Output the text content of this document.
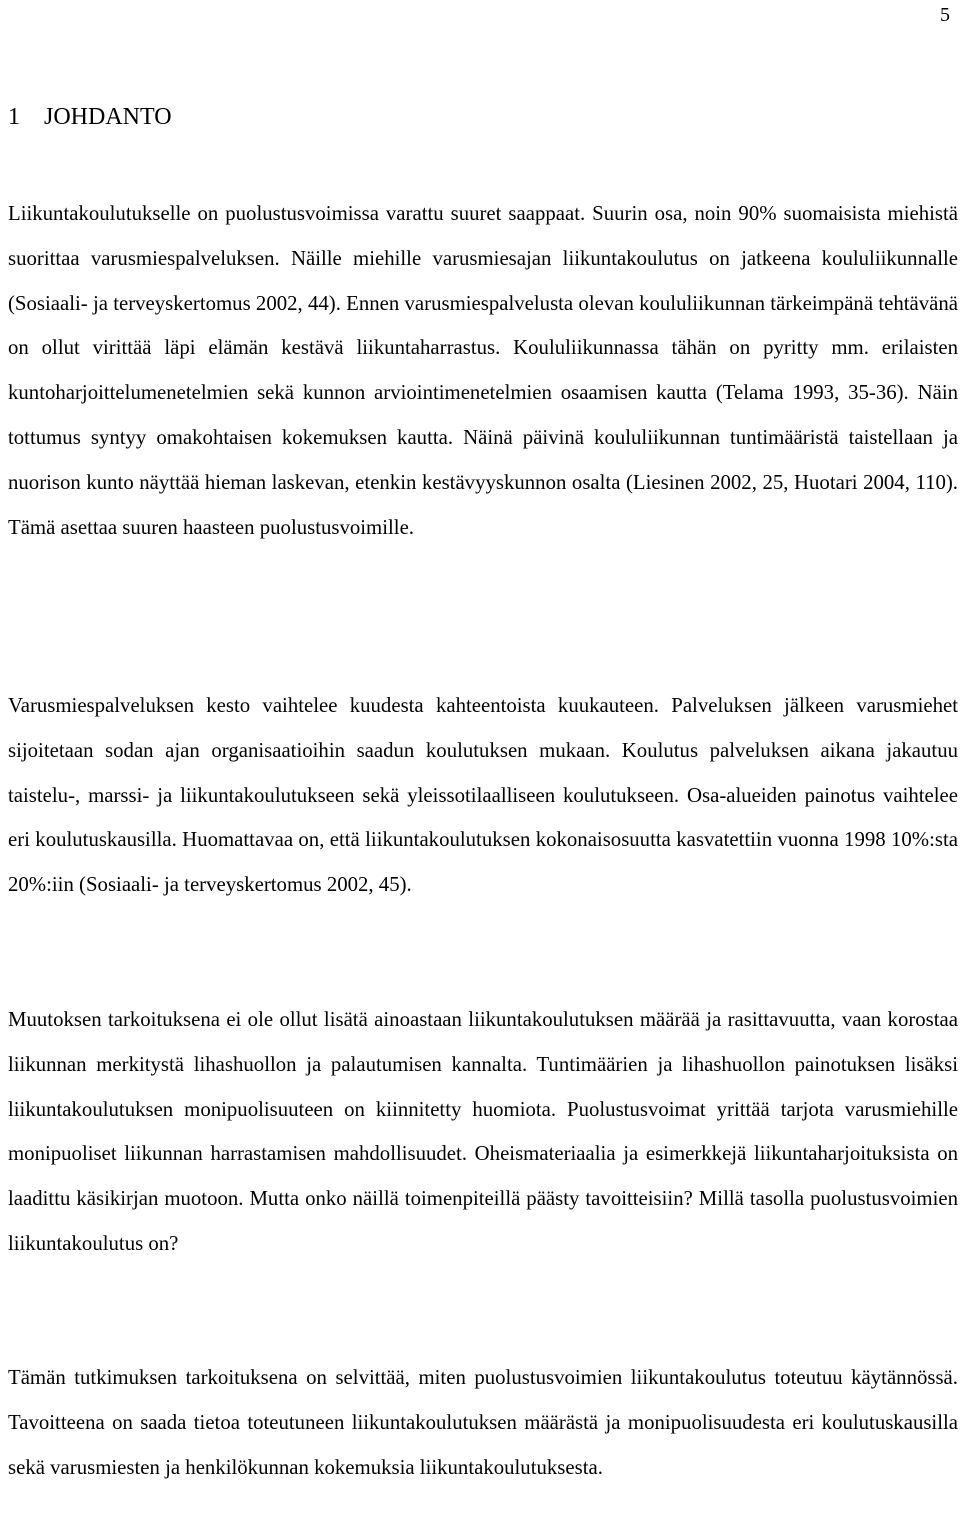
5
1 JOHDANTO

Liikuntakoulutukselle on puolustusvoimissa varattu suuret saappaat. Suurin osa, noin 90% suomaisista miehistä suorittaa varusmiespalveluksen. Näille miehille varusmiesajan liikuntakoulutus on jatkeena koululiikunnalle (Sosiaali- ja terveyskertomus 2002, 44). Ennen varusmiespalvelusta olevan koululiikunnan tärkeimpänä tehtävänä on ollut virittää läpi elämän kestävä liikuntaharrastus. Koululiikunnassa tähän on pyritty mm. erilaisten kuntoharjoittelumenetelmien sekä kunnon arviointimenetelmien osaamisen kautta (Telama 1993, 35-36). Näin tottumus syntyy omakohtaisen kokemuksen kautta. Näinä päivinä koululiikunnan tuntimääristä taistellaan ja nuorison kunto näyttää hieman laskevan, etenkin kestävyyskunnon osalta (Liesinen 2002, 25, Huotari 2004, 110). Tämä asettaa suuren haasteen puolustusvoimille.

Varusmiespalveluksen kesto vaihtelee kuudesta kahteentoista kuukauteen. Palveluksen jälkeen varusmiehet sijoitetaan sodan ajan organisaatioihin saadun koulutuksen mukaan. Koulutus palveluksen aikana jakautuu taistelu-, marssi- ja liikuntakoulutukseen sekä yleissotilaalliseen koulutukseen. Osa-alueiden painotus vaihtelee eri koulutuskausilla. Huomattavaa on, että liikuntakoulutuksen kokonaisosuutta kasvatettiin vuonna 1998 10%:sta 20%:iin (Sosiaali- ja terveyskertomus 2002, 45).

Muutoksen tarkoituksena ei ole ollut lisätä ainoastaan liikuntakoulutuksen määrää ja rasittavuutta, vaan korostaa liikunnan merkitystä lihashuollon ja palautumisen kannalta. Tuntimäärien ja lihashuollon painotuksen lisäksi liikuntakoulutuksen monipuolisuuteen on kiinnitetty huomiota. Puolustusvoimat yrittää tarjota varusmiehille monipuoliset liikunnan harrastamisen mahdollisuudet. Oheismateriaalia ja esimerkkejä liikuntaharjoituksista on laadittu käsikirjan muotoon. Mutta onko näillä toimenpiteillä päästy tavoitteisiin? Millä tasolla puolustusvoimien liikuntakoulutus on?

Tämän tutkimuksen tarkoituksena on selvittää, miten puolustusvoimien liikuntakoulutus toteutuu käytännössä. Tavoitteena on saada tietoa toteutuneen liikuntakoulutuksen määrästä ja monipuolisuudesta eri koulutuskausilla sekä varusmiesten ja henkilökunnan kokemuksia liikuntakoulutuksesta.
